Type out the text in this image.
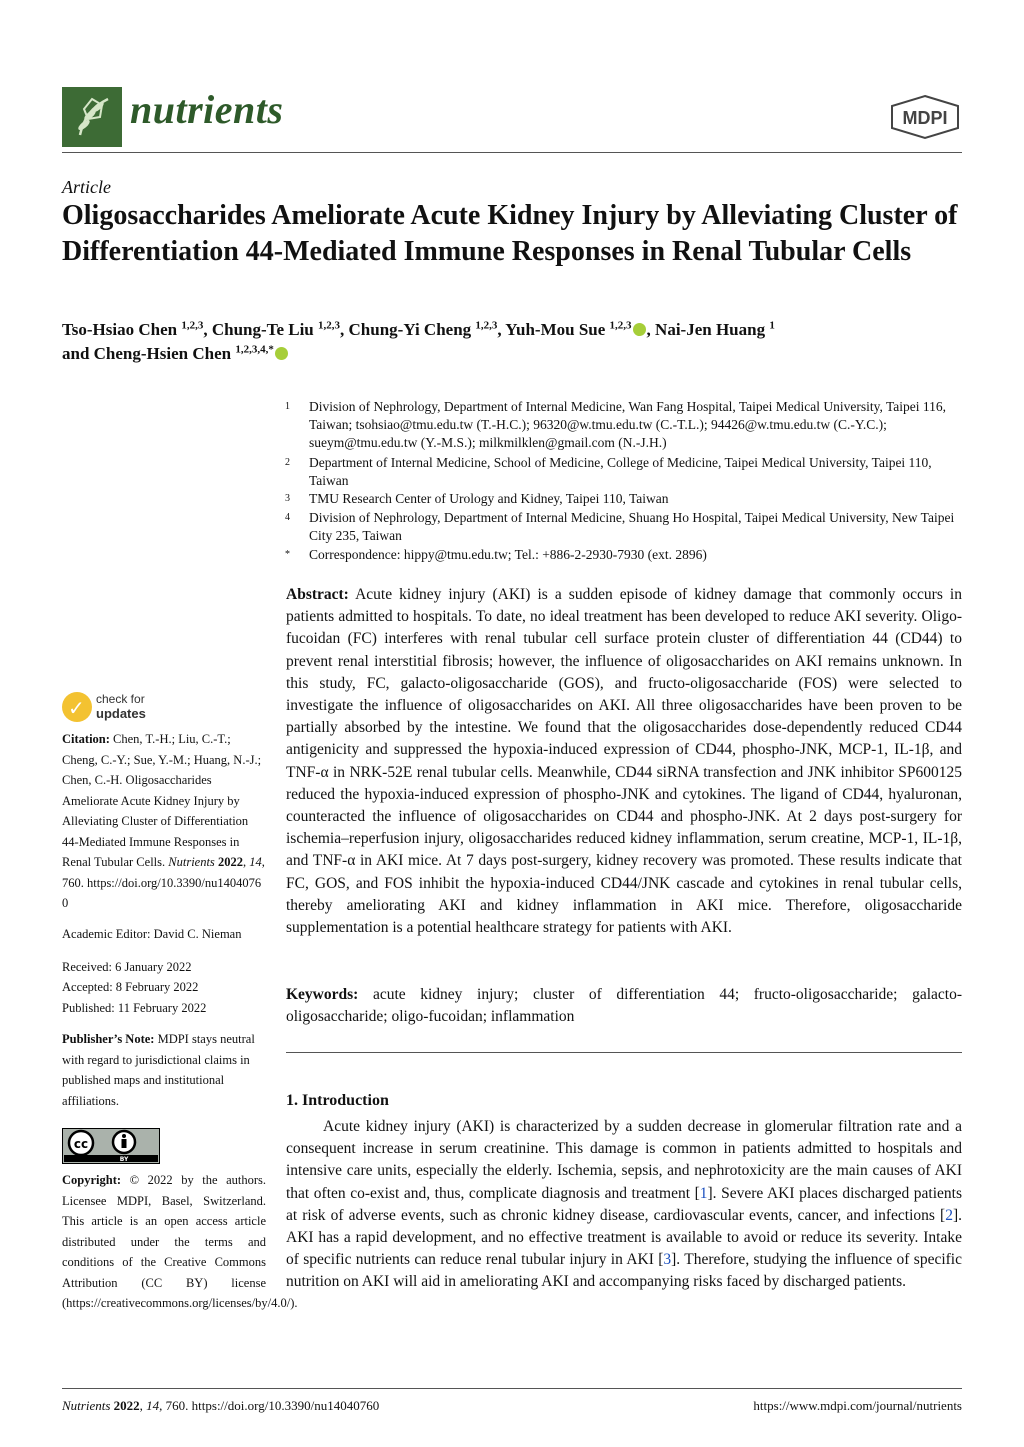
nutrients	MDPI
Article
Oligosaccharides Ameliorate Acute Kidney Injury by Alleviating Cluster of Differentiation 44-Mediated Immune Responses in Renal Tubular Cells
Tso-Hsiao Chen $^{1,2,3}$, Chung-Te Liu $^{1,2,3}$, Chung-Yi Cheng $^{1,2,3}$, Yuh-Mou Sue $^{1,2,3}$ , Nai-Jen Huang $^1$
and Cheng-Hsien Chen $^{1,2,3,4,*}$
1 Division of Nephrology, Department of Internal Medicine, Wan Fang Hospital, Taipei Medical University, Taipei 116, Taiwan; tsohsiao@tmu.edu.tw (T.-H.C.); 96320@w.tmu.edu.tw (C.-T.L.); 94426@w.tmu.edu.tw (C.-Y.C.); sueym@tmu.edu.tw (Y.-M.S.); milkmilklen@gmail.com (N.-J.H.)
2 Department of Internal Medicine, School of Medicine, College of Medicine, Taipei Medical University, Taipei 110, Taiwan
3 TMU Research Center of Urology and Kidney, Taipei 110, Taiwan
4 Division of Nephrology, Department of Internal Medicine, Shuang Ho Hospital, Taipei Medical University, New Taipei City 235, Taiwan
* Correspondence: hippy@tmu.edu.tw; Tel.: +886-2-2930-7930 (ext. 2896)
✓ check for
updates
Citation: Chen, T.-H.; Liu, C.-T.; Cheng, C.-Y.; Sue, Y.-M.; Huang, N.-J.; Chen, C.-H. Oligosaccharides Ameliorate Acute Kidney Injury by Alleviating Cluster of Differentiation 44-Mediated Immune Responses in Renal Tubular Cells. Nutrients 2022, 14, 760. https://doi.org/10.3390/nu14040760
Academic Editor: David C. Nieman
Received: 6 January 2022
Accepted: 8 February 2022
Published: 11 February 2022
Publisher’s Note: MDPI stays neutral with regard to jurisdictional claims in published maps and institutional affiliations.
cc
BY
Copyright: © 2022 by the authors. Licensee MDPI, Basel, Switzerland. This article is an open access article distributed under the terms and conditions of the Creative Commons Attribution (CC BY) license (https://creativecommons.org/licenses/by/4.0/).
Abstract: Acute kidney injury (AKI) is a sudden episode of kidney damage that commonly occurs in patients admitted to hospitals. To date, no ideal treatment has been developed to reduce AKI severity. Oligo-fucoidan (FC) interferes with renal tubular cell surface protein cluster of differentiation 44 (CD44) to prevent renal interstitial fibrosis; however, the influence of oligosaccharides on AKI remains unknown. In this study, FC, galacto-oligosaccharide (GOS), and fructo-oligosaccharide (FOS) were selected to investigate the influence of oligosaccharides on AKI. All three oligosaccharides have been proven to be partially absorbed by the intestine. We found that the oligosaccharides dose-dependently reduced CD44 antigenicity and suppressed the hypoxia-induced expression of CD44, phospho-JNK, MCP-1, IL-1β, and TNF-α in NRK-52E renal tubular cells. Meanwhile, CD44 siRNA transfection and JNK inhibitor SP600125 reduced the hypoxia-induced expression of phospho-JNK and cytokines. The ligand of CD44, hyaluronan, counteracted the influence of oligosaccharides on CD44 and phospho-JNK. At 2 days post-surgery for ischemia–reperfusion injury, oligosaccharides reduced kidney inflammation, serum creatine, MCP-1, IL-1β, and TNF-α in AKI mice. At 7 days post-surgery, kidney recovery was promoted. These results indicate that FC, GOS, and FOS inhibit the hypoxia-induced CD44/JNK cascade and cytokines in renal tubular cells, thereby ameliorating AKI and kidney inflammation in AKI mice. Therefore, oligosaccharide supplementation is a potential healthcare strategy for patients with AKI.
Keywords: acute kidney injury; cluster of differentiation 44; fructo-oligosaccharide; galacto-oligosaccharide; oligo-fucoidan; inflammation
1. Introduction
Acute kidney injury (AKI) is characterized by a sudden decrease in glomerular filtration rate and a consequent increase in serum creatinine. This damage is common in patients admitted to hospitals and intensive care units, especially the elderly. Ischemia, sepsis, and nephrotoxicity are the main causes of AKI that often co-exist and, thus, complicate diagnosis and treatment [1]. Severe AKI places discharged patients at risk of adverse events, such as chronic kidney disease, cardiovascular events, cancer, and infections [2]. AKI has a rapid development, and no effective treatment is available to avoid or reduce its severity. Intake of specific nutrients can reduce renal tubular injury in AKI [3]. Therefore, studying the influence of specific nutrition on AKI will aid in ameliorating AKI and accompanying risks faced by discharged patients.
Nutrients 2022, 14, 760. https://doi.org/10.3390/nu14040760	https://www.mdpi.com/journal/nutrients
